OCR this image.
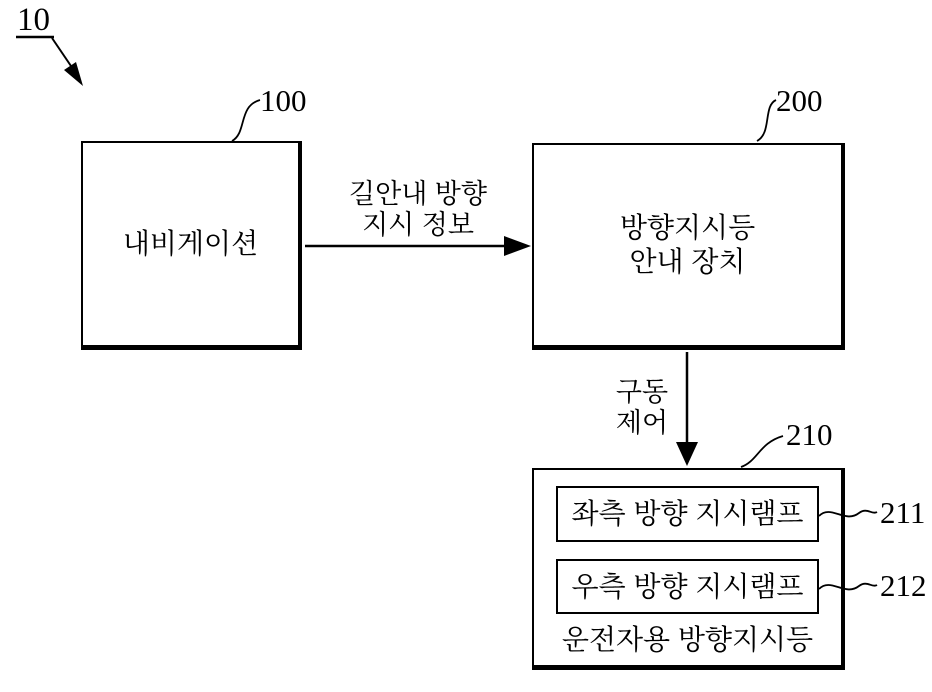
10
내비게이션
100
방향지시등
안내 장치
200
길안내 방향
지시 정보
구동
제어
좌측 방향 지시램프
우측 방향 지시램프
운전자용 방향지시등
210
211
212
